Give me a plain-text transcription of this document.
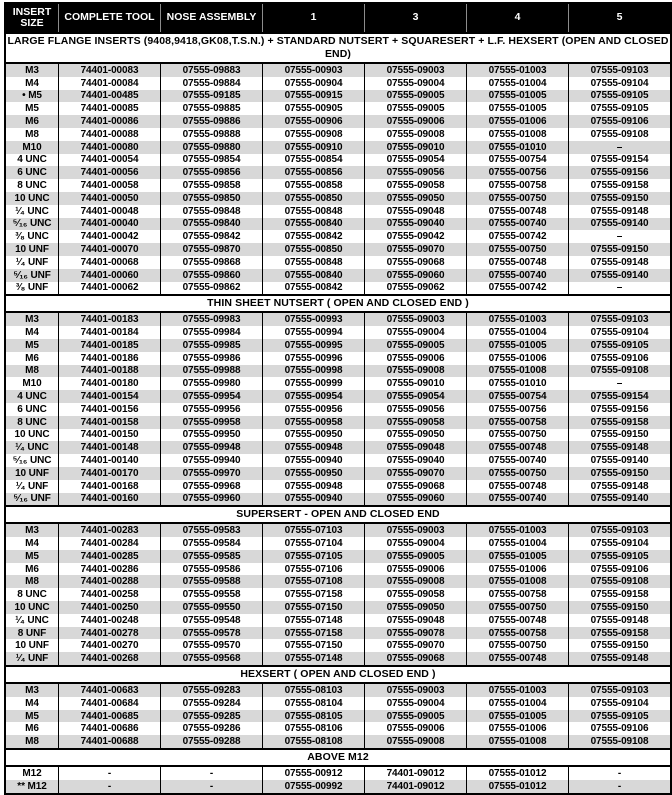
INSERT SIZE	COMPLETE TOOL	NOSE ASSEMBLY	1	3	4	5
LARGE FLANGE INSERTS (9408,9418,GK08,T.S.N.) + STANDARD NUTSERT + SQUARESERT + L.F. HEXSERT (OPEN AND CLOSED END)
M3	74401-00083	07555-09883	07555-00903	07555-09003	07555-01003	07555-09103
M4	74401-00084	07555-09884	07555-00904	07555-09004	07555-01004	07555-09104
• M5	74401-00485	07555-09185	07555-00915	07555-09005	07555-01005	07555-09105
M5	74401-00085	07555-09885	07555-00905	07555-09005	07555-01005	07555-09105
M6	74401-00086	07555-09886	07555-00906	07555-09006	07555-01006	07555-09106
M8	74401-00088	07555-09888	07555-00908	07555-09008	07555-01008	07555-09108
M10	74401-00080	07555-09880	07555-00910	07555-09010	07555-01010	–
4 UNC	74401-00054	07555-09854	07555-00854	07555-09054	07555-00754	07555-09154
6 UNC	74401-00056	07555-09856	07555-00856	07555-09056	07555-00756	07555-09156
8 UNC	74401-00058	07555-09858	07555-00858	07555-09058	07555-00758	07555-09158
10 UNC	74401-00050	07555-09850	07555-00850	07555-09050	07555-00750	07555-09150
¹⁄₄ UNC	74401-00048	07555-09848	07555-00848	07555-09048	07555-00748	07555-09148
⁵⁄₁₆ UNC	74401-00040	07555-09840	07555-00840	07555-09040	07555-00740	07555-09140
³⁄₈ UNC	74401-00042	07555-09842	07555-00842	07555-09042	07555-00742	–
10 UNF	74401-00070	07555-09870	07555-00850	07555-09070	07555-00750	07555-09150
¹⁄₄ UNF	74401-00068	07555-09868	07555-00848	07555-09068	07555-00748	07555-09148
⁵⁄₁₆ UNF	74401-00060	07555-09860	07555-00840	07555-09060	07555-00740	07555-09140
³⁄₈ UNF	74401-00062	07555-09862	07555-00842	07555-09062	07555-00742	–
THIN SHEET NUTSERT ( OPEN AND CLOSED END )
M3	74401-00183	07555-09983	07555-00993	07555-09003	07555-01003	07555-09103
M4	74401-00184	07555-09984	07555-00994	07555-09004	07555-01004	07555-09104
M5	74401-00185	07555-09985	07555-00995	07555-09005	07555-01005	07555-09105
M6	74401-00186	07555-09986	07555-00996	07555-09006	07555-01006	07555-09106
M8	74401-00188	07555-09988	07555-00998	07555-09008	07555-01008	07555-09108
M10	74401-00180	07555-09980	07555-00999	07555-09010	07555-01010	–
4 UNC	74401-00154	07555-09954	07555-00954	07555-09054	07555-00754	07555-09154
6 UNC	74401-00156	07555-09956	07555-00956	07555-09056	07555-00756	07555-09156
8 UNC	74401-00158	07555-09958	07555-00958	07555-09058	07555-00758	07555-09158
10 UNC	74401-00150	07555-09950	07555-00950	07555-09050	07555-00750	07555-09150
¹⁄₄ UNC	74401-00148	07555-09948	07555-00948	07555-09048	07555-00748	07555-09148
⁵⁄₁₆ UNC	74401-00140	07555-09940	07555-00940	07555-09040	07555-00740	07555-09140
10 UNF	74401-00170	07555-09970	07555-00950	07555-09070	07555-00750	07555-09150
¹⁄₄ UNF	74401-00168	07555-09968	07555-00948	07555-09068	07555-00748	07555-09148
⁵⁄₁₆ UNF	74401-00160	07555-09960	07555-00940	07555-09060	07555-00740	07555-09140
SUPERSERT - OPEN AND CLOSED END
M3	74401-00283	07555-09583	07555-07103	07555-09003	07555-01003	07555-09103
M4	74401-00284	07555-09584	07555-07104	07555-09004	07555-01004	07555-09104
M5	74401-00285	07555-09585	07555-07105	07555-09005	07555-01005	07555-09105
M6	74401-00286	07555-09586	07555-07106	07555-09006	07555-01006	07555-09106
M8	74401-00288	07555-09588	07555-07108	07555-09008	07555-01008	07555-09108
8 UNC	74401-00258	07555-09558	07555-07158	07555-09058	07555-00758	07555-09158
10 UNC	74401-00250	07555-09550	07555-07150	07555-09050	07555-00750	07555-09150
¹⁄₄ UNC	74401-00248	07555-09548	07555-07148	07555-09048	07555-00748	07555-09148
8 UNF	74401-00278	07555-09578	07555-07158	07555-09078	07555-00758	07555-09158
10 UNF	74401-00270	07555-09570	07555-07150	07555-09070	07555-00750	07555-09150
¹⁄₄ UNF	74401-00268	07555-09568	07555-07148	07555-09068	07555-00748	07555-09148
HEXSERT ( OPEN AND CLOSED END )
M3	74401-00683	07555-09283	07555-08103	07555-09003	07555-01003	07555-09103
M4	74401-00684	07555-09284	07555-08104	07555-09004	07555-01004	07555-09104
M5	74401-00685	07555-09285	07555-08105	07555-09005	07555-01005	07555-09105
M6	74401-00686	07555-09286	07555-08106	07555-09006	07555-01006	07555-09106
M8	74401-00688	07555-09288	07555-08108	07555-09008	07555-01008	07555-09108
ABOVE M12
M12	-	-	07555-00912	74401-09012	07555-01012	-
** M12	-	-	07555-00992	74401-09012	07555-01012	-
